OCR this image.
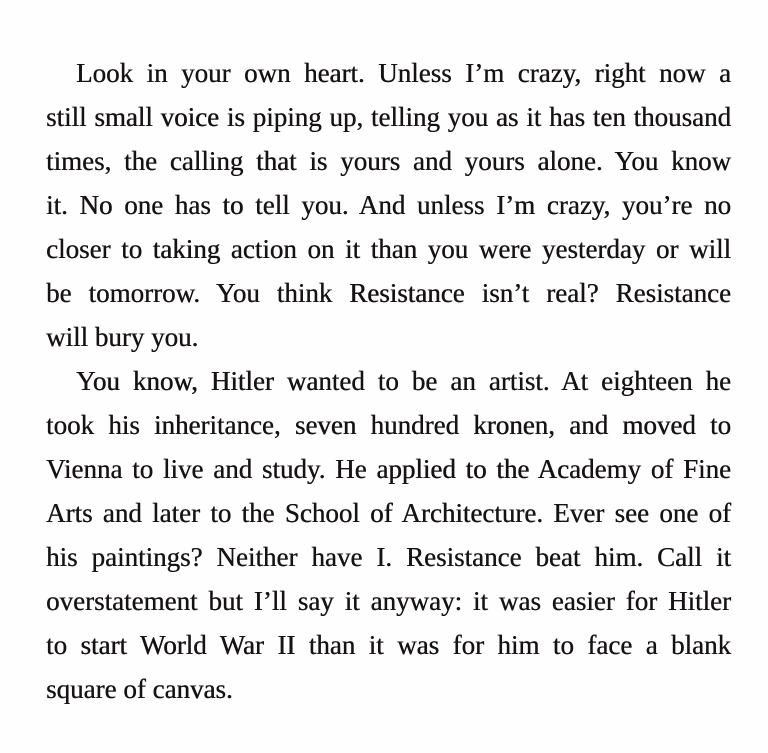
Look in your own heart. Unless I’m crazy, right now a
still small voice is piping up, telling you as it has ten thousand
times, the calling that is yours and yours alone. You know
it. No one has to tell you. And unless I’m crazy, you’re no
closer to taking action on it than you were yesterday or will
be tomorrow. You think Resistance isn’t real? Resistance
will bury you.
You know, Hitler wanted to be an artist. At eighteen he
took his inheritance, seven hundred kronen, and moved to
Vienna to live and study. He applied to the Academy of Fine
Arts and later to the School of Architecture. Ever see one of
his paintings? Neither have I. Resistance beat him. Call it
overstatement but I’ll say it anyway: it was easier for Hitler
to start World War II than it was for him to face a blank
square of canvas.
